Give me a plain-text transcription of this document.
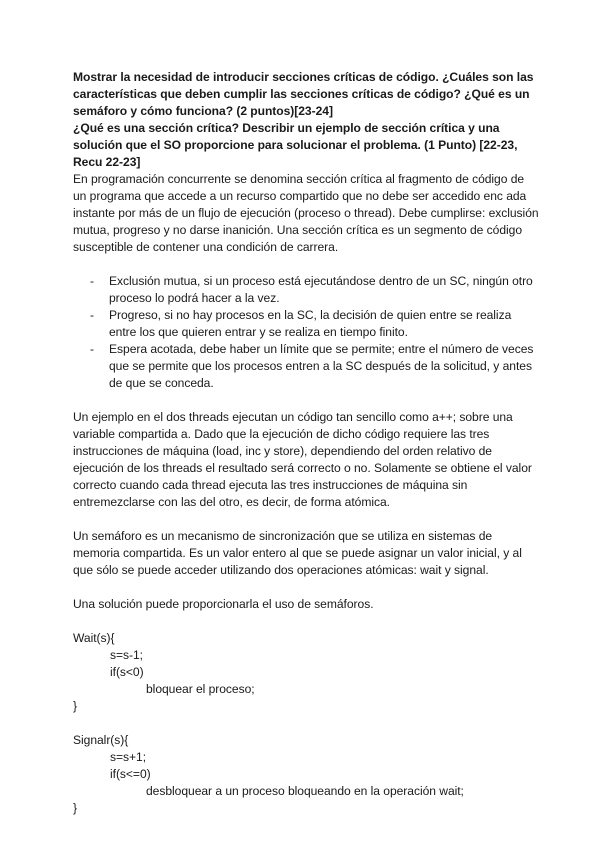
Mostrar la necesidad de introducir secciones críticas de código. ¿Cuáles son las características que deben cumplir las secciones críticas de código? ¿Qué es un semáforo y cómo funciona? (2 puntos)[23-24]

¿Qué es una sección crítica? Describir un ejemplo de sección crítica y una solución que el SO proporcione para solucionar el problema. (1 Punto) [22-23, Recu 22-23]

En programación concurrente se denomina sección crítica al fragmento de código de un programa que accede a un recurso compartido que no debe ser accedido enc ada instante por más de un flujo de ejecución (proceso o thread). Debe cumplirse: exclusión mutua, progreso y no darse inanición. Una sección crítica es un segmento de código susceptible de contener una condición de carrera.

- Exclusión mutua, si un proceso está ejecutándose dentro de un SC, ningún otro proceso lo podrá hacer a la vez.
- Progreso, si no hay procesos en la SC, la decisión de quien entre se realiza entre los que quieren entrar y se realiza en tiempo finito.
- Espera acotada, debe haber un límite que se permite; entre el número de veces que se permite que los procesos entren a la SC después de la solicitud, y antes de que se conceda.

Un ejemplo en el dos threads ejecutan un código tan sencillo como a++; sobre una variable compartida a. Dado que la ejecución de dicho código requiere las tres instrucciones de máquina (load, inc y store), dependiendo del orden relativo de ejecución de los threads el resultado será correcto o no. Solamente se obtiene el valor correcto cuando cada thread ejecuta las tres instrucciones de máquina sin entremezclarse con las del otro, es decir, de forma atómica.

Un semáforo es un mecanismo de sincronización que se utiliza en sistemas de memoria compartida. Es un valor entero al que se puede asignar un valor inicial, y al que sólo se puede acceder utilizando dos operaciones atómicas: wait y signal.

Una solución puede proporcionarla el uso de semáforos.

Wait(s){
s=s-1;
if(s<0)
bloquear el proceso;
}
Signalr(s){
s=s+1;
if(s<=0)
desbloquear a un proceso bloqueando en la operación wait;
}
